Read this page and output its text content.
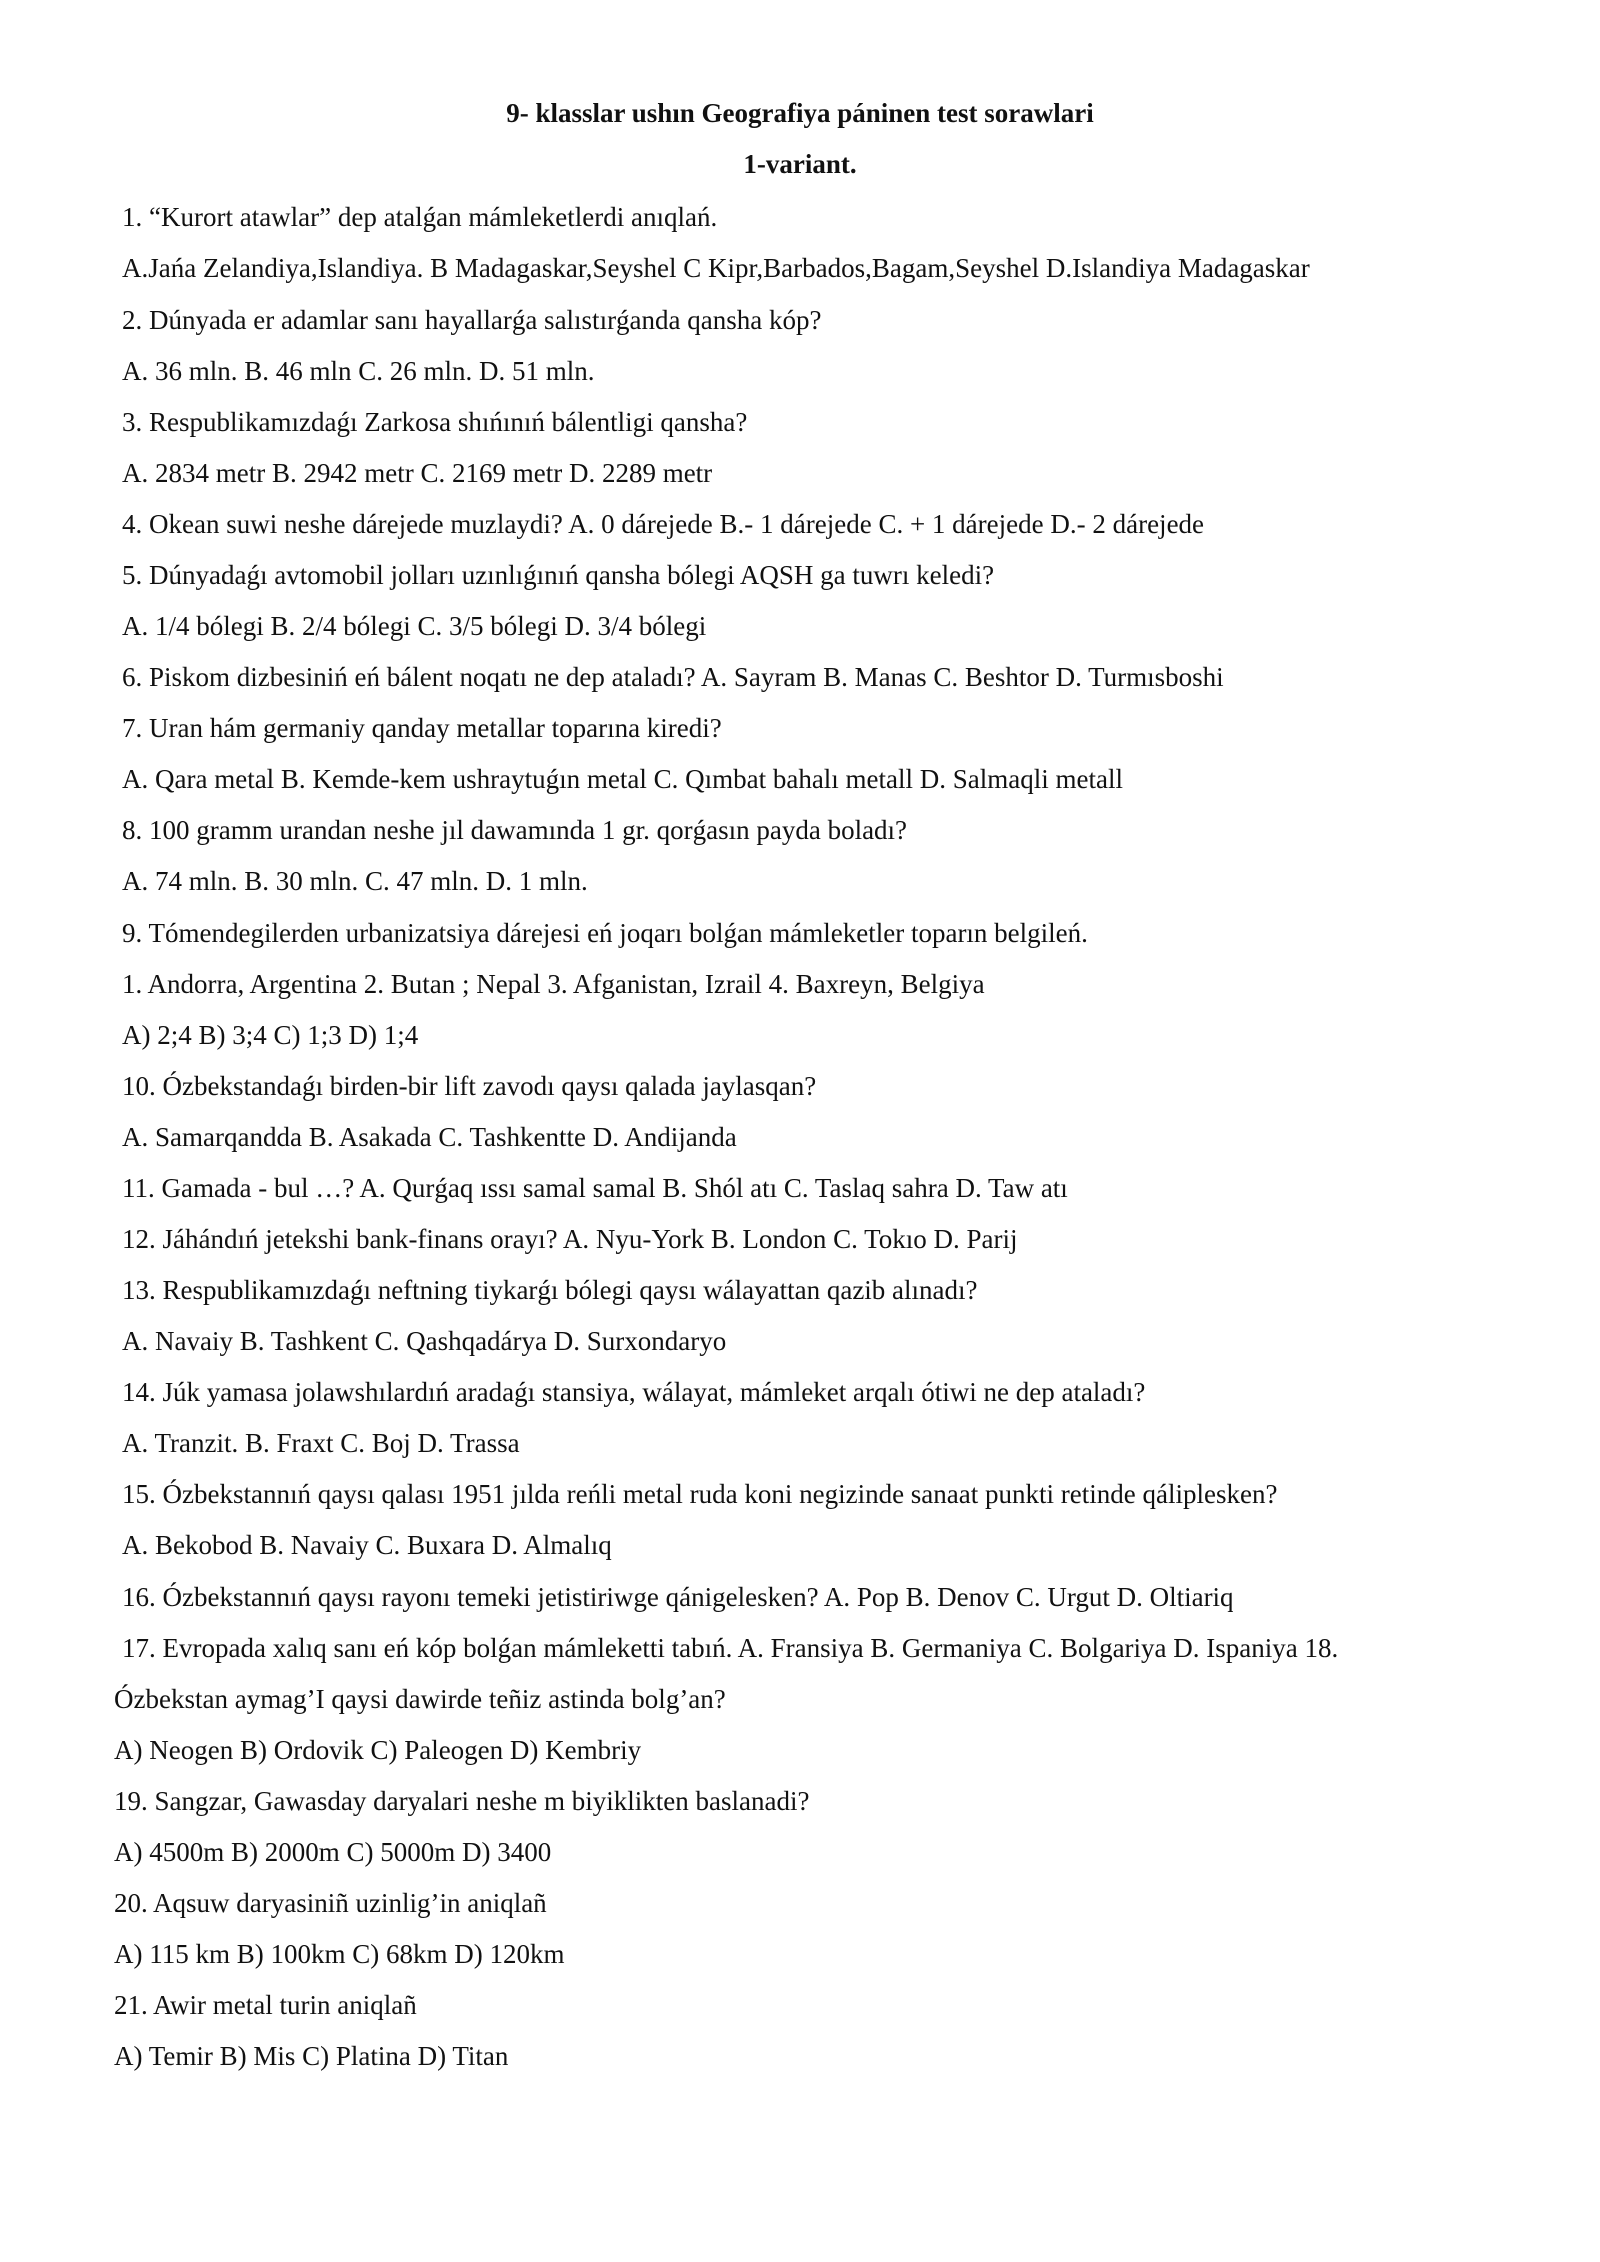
9- klasslar ushın Geografiya páninen test sorawlari
1-variant.
1. “Kurort atawlar” dep atalǵan mámleketlerdi anıqlań.
A.Jańa Zelandiya,Islandiya. B Madagaskar,Seyshel C Kipr,Barbados,Bagam,Seyshel D.Islandiya Madagaskar
2. Dúnyada er adamlar sanı hayallarǵa salıstırǵanda qansha kóp?
A. 36 mln. B. 46 mln C. 26 mln. D. 51 mln.
3. Respublikamızdaǵı Zarkosa shıńınıń bálentligi qansha?
A. 2834 metr B. 2942 metr C. 2169 metr D. 2289 metr
4. Okean suwi neshe dárejede muzlaydi? A. 0 dárejede B.- 1 dárejede C. + 1 dárejede D.- 2 dárejede
5. Dúnyadaǵı avtomobil jolları uzınlıǵınıń qansha bólegi AQSH ga tuwrı keledi?
A. 1/4 bólegi B. 2/4 bólegi C. 3/5 bólegi D. 3/4 bólegi
6. Piskom dizbesiniń eń bálent noqatı ne dep ataladı? A. Sayram B. Manas C. Beshtor D. Turmısboshi
7. Uran hám germaniy qanday metallar toparına kiredi?
A. Qara metal B. Kemde-kem ushraytuǵın metal C. Qımbat bahalı metall D. Salmaqli metall
8. 100 gramm urandan neshe jıl dawamında 1 gr. qorǵasın payda boladı?
A. 74 mln. B. 30 mln. C. 47 mln. D. 1 mln.
9. Tómendegilerden urbanizatsiya dárejesi eń joqarı bolǵan mámleketler toparın belgileń.
1. Andorra, Argentina 2. Butan ; Nepal 3. Afganistan, Izrail 4. Baxreyn, Belgiya
A) 2;4 B) 3;4 C) 1;3 D) 1;4
10. Ózbekstandaǵı birden-bir lift zavodı qaysı qalada jaylasqan?
A. Samarqandda B. Asakada C. Tashkentte D. Andijanda
11. Gamada - bul …? A. Qurǵaq ıssı samal samal B. Shól atı C. Taslaq sahra D. Taw atı
12. Jáhándıń jetekshi bank-finans orayı? A. Nyu-York B. London C. Tokıo D. Parij
13. Respublikamızdaǵı neftning tiykarǵı bólegi qaysı wálayattan qazib alınadı?
A. Navaiy B. Tashkent C. Qashqadárya D. Surxondaryo
14. Júk yamasa jolawshılardıń aradaǵı stansiya, wálayat, mámleket arqalı ótiwi ne dep ataladı?
A. Tranzit. B. Fraxt C. Boj D. Trassa
15. Ózbekstannıń qaysı qalası 1951 jılda reńli metal ruda koni negizinde sanaat punkti retinde qáliplesken?
A. Bekobod B. Navaiy C. Buxara D. Almalıq
16. Ózbekstannıń qaysı rayonı temeki jetistiriwge qánigelesken? A. Pop B. Denov C. Urgut D. Oltiariq
17. Evropada xalıq sanı eń kóp bolǵan mámleketti tabıń. A. Fransiya B. Germaniya C. Bolgariya D. Ispaniya 18.
Ózbekstan aymag’I qaysi dawirde teñiz astinda bolg’an?
A) Neogen B) Ordovik C) Paleogen D) Kembriy
19. Sangzar, Gawasday daryalari neshe m biyiklikten baslanadi?
A) 4500m B) 2000m C) 5000m D) 3400
20. Aqsuw daryasiniñ uzinlig’in aniqlañ
A) 115 km B) 100km C) 68km D) 120km
21. Awir metal turin aniqlañ
A) Temir B) Mis C) Platina D) Titan
